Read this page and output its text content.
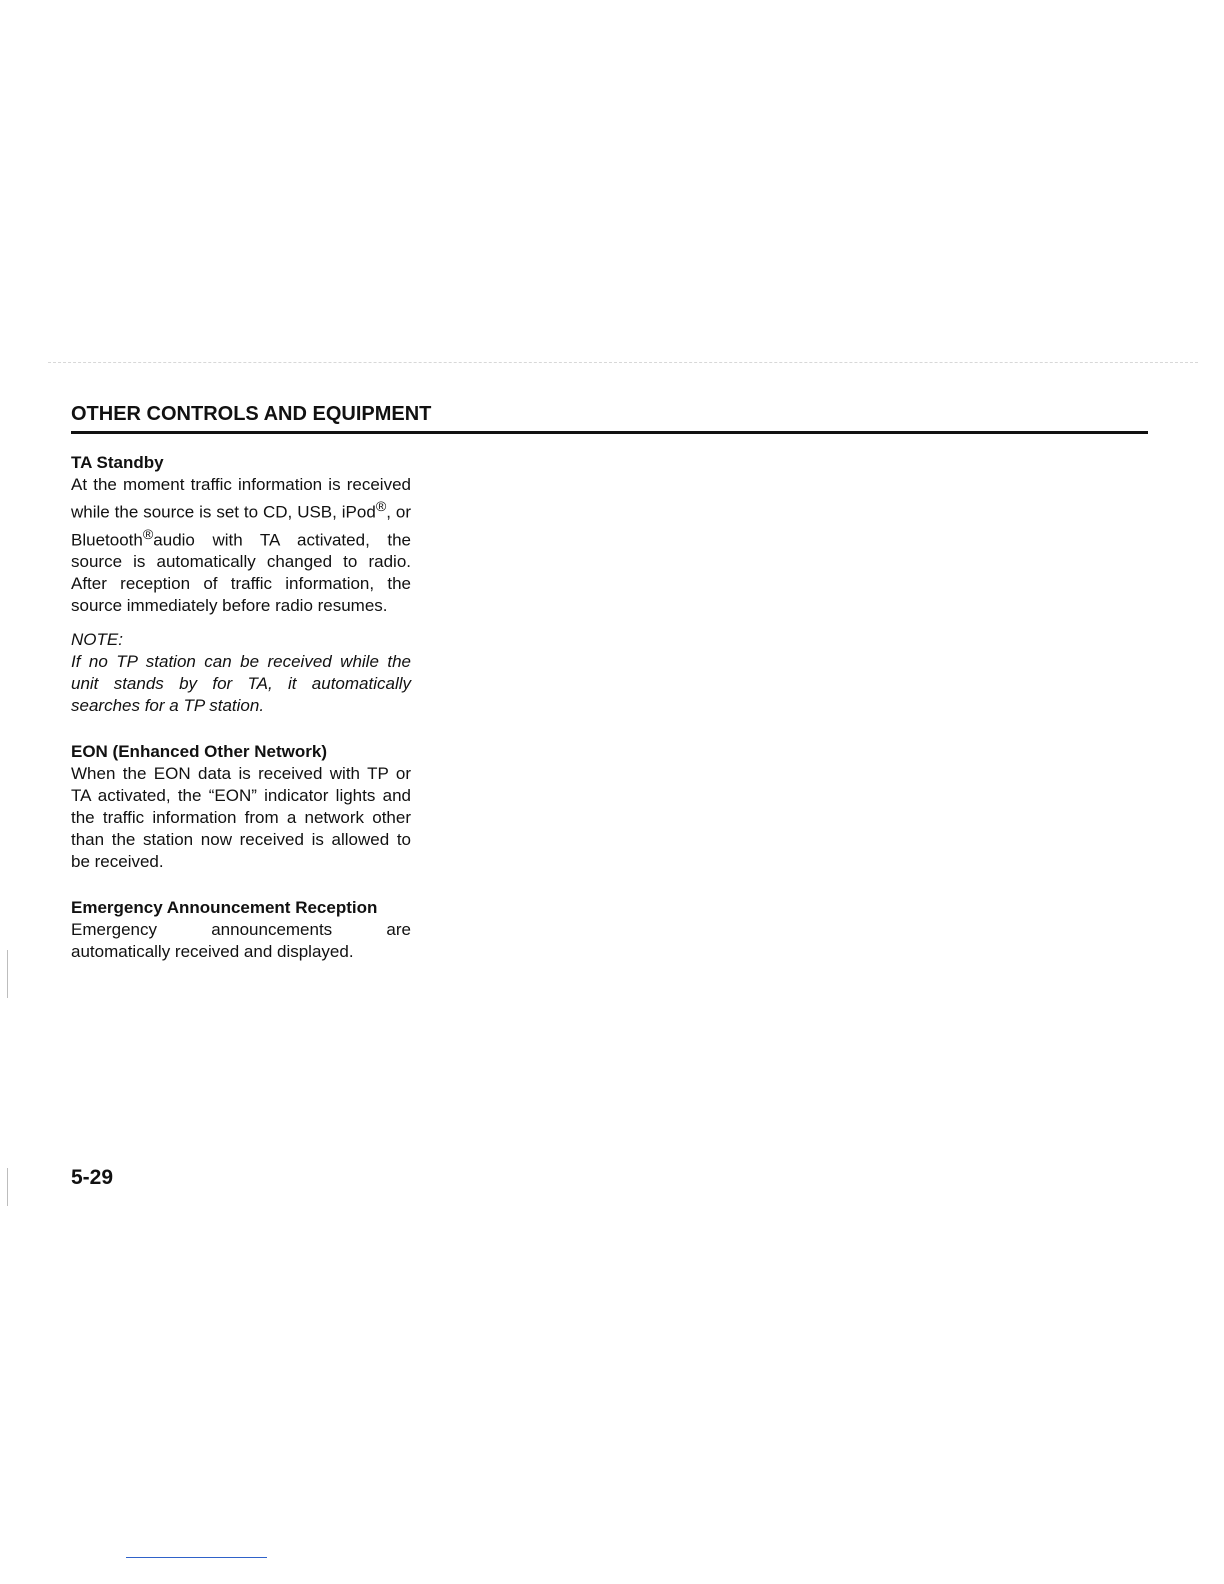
OTHER CONTROLS AND EQUIPMENT

TA Standby

At the moment traffic information is received while the source is set to CD, USB, iPod®, or Bluetooth®audio with TA activated, the source is automatically changed to radio. After reception of traffic information, the source immediately before radio resumes.

NOTE:

If no TP station can be received while the unit stands by for TA, it automatically searches for a TP station.

EON (Enhanced Other Network)

When the EON data is received with TP or TA activated, the “EON” indicator lights and the traffic information from a network other than the station now received is allowed to be received.

Emergency Announcement Reception

Emergency announcements are automatically received and displayed.

5-29
